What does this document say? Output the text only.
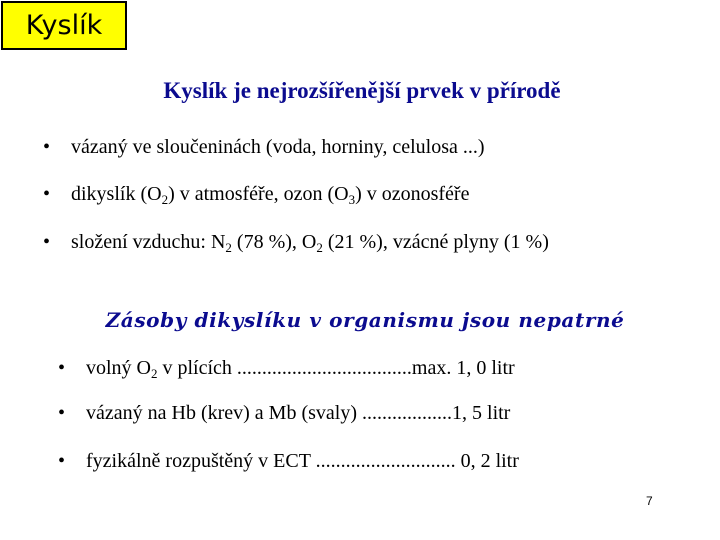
Kyslík
Kyslík je nejrozšířenější prvek v přírodě
• vázaný ve sloučeninách (voda, horniny, celulosa ...)
• dikyslík $(O_2)$ v atmosféře, ozon $(O_3)$ v ozonosféře
• složení vzduchu: $N_2$ (78 %), $O_2$ (21 %), vzácné plyny (1 %)
Zásoby dikyslíku v organismu jsou nepatrné
• volný $O_2$ v plících ...................................max. 1, 0 litr
• vázaný na Hb (krev) a Mb (svaly) ..................1, 5 litr
• fyzikálně rozpuštěný v ECT ............................ 0, 2 litr
7
